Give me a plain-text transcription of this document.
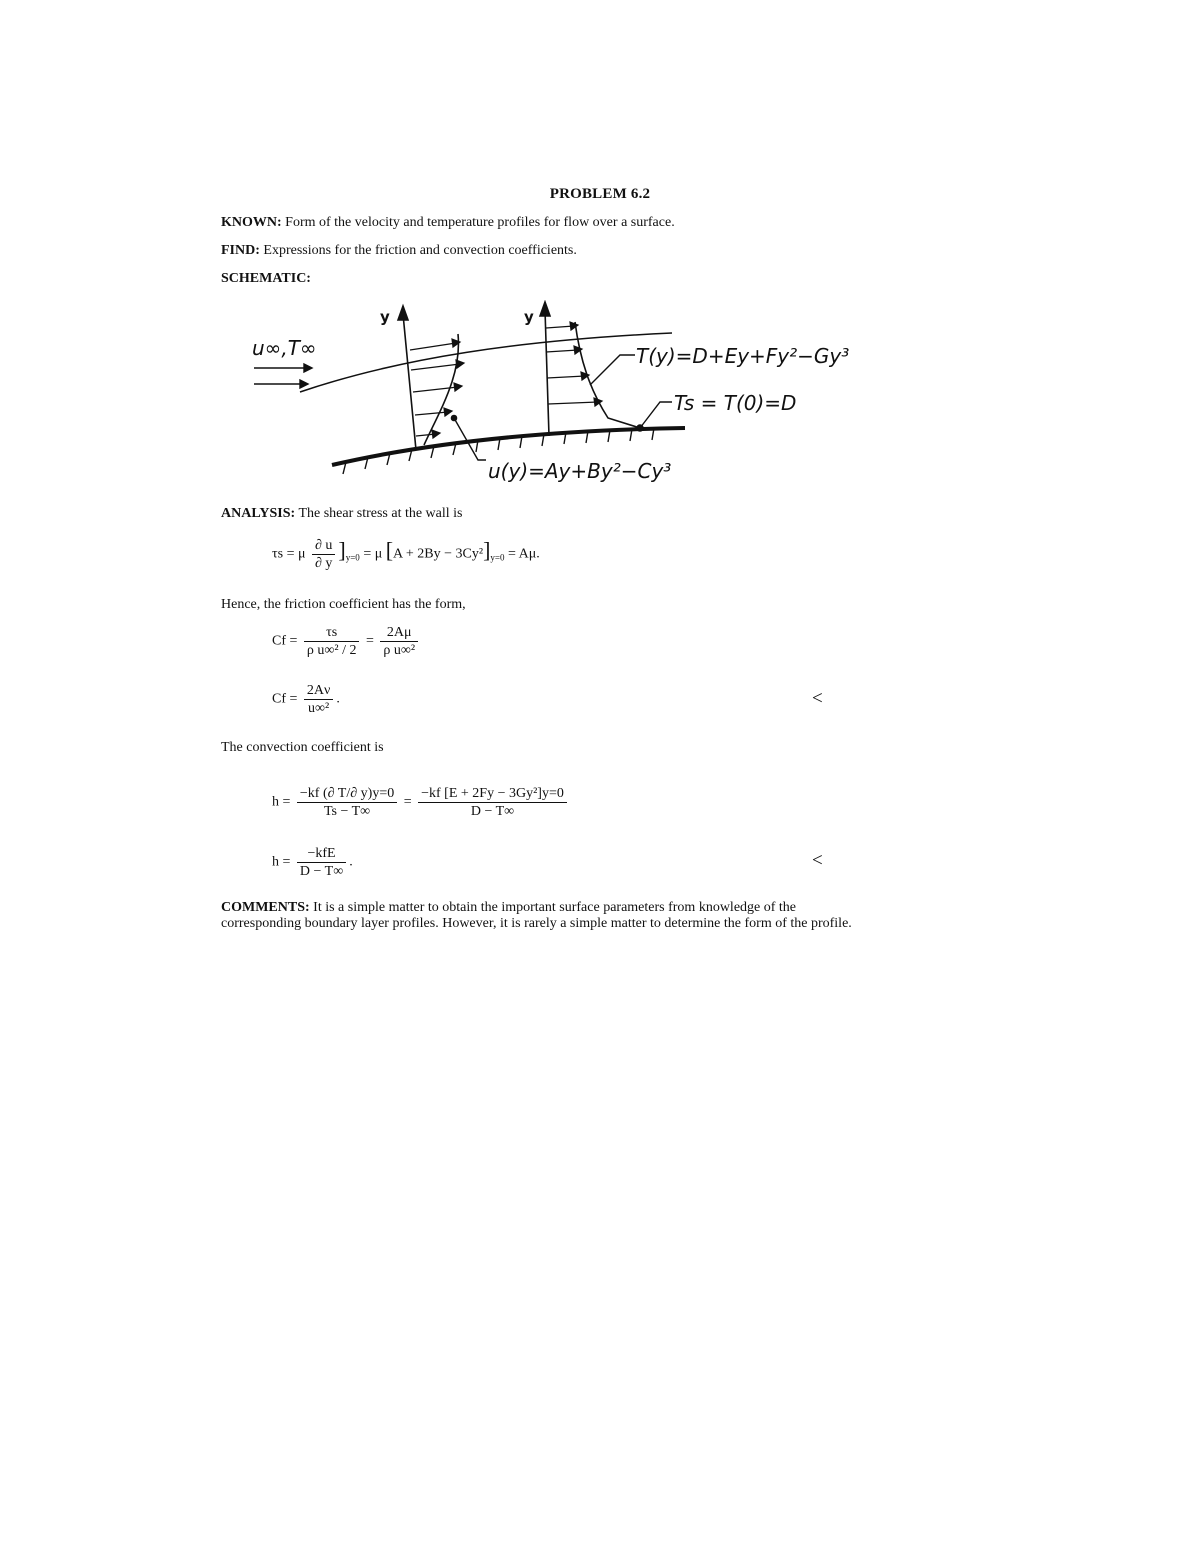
PROBLEM 6.2
KNOWN: Form of the velocity and temperature profiles for flow over a surface.
FIND: Expressions for the friction and convection coefficients.
SCHEMATIC:
u∞,T∞
y	y
T(y)=D+Ey+Fy²−Gy³
Ts = T(0)=D
u(y)=Ay+By²−Cy³
ANALYSIS: The shear stress at the wall is
τs = μ $\frac{\partial u}{\partial y} ]_{y=0} = \mu$ $[A + 2By - 3Cy^2]_{y=0} = A\mu$.
Hence, the friction coefficient has the form,
$Cf = \frac{\tau s}{\text{ρ u∞² / 2}} = \frac{2A\mu}{\text{ρ u∞²}}$
$Cf = \frac{2A\nu}{\text{u∞²}}$ .	<
The convection coefficient is
$h = \frac{-kf (\partial T/\partial y)y=0}{Ts - T\infty} = \frac{\text{−kf [E + 2Fy − 3Gy²]y=0}}{D - T\infty}$
$h = \frac{\text{−kfE}}{D - T\infty}$ .	<
COMMENTS: It is a simple matter to obtain the important surface parameters from knowledge of the corresponding boundary layer profiles. However, it is rarely a simple matter to determine the form of the profile.
